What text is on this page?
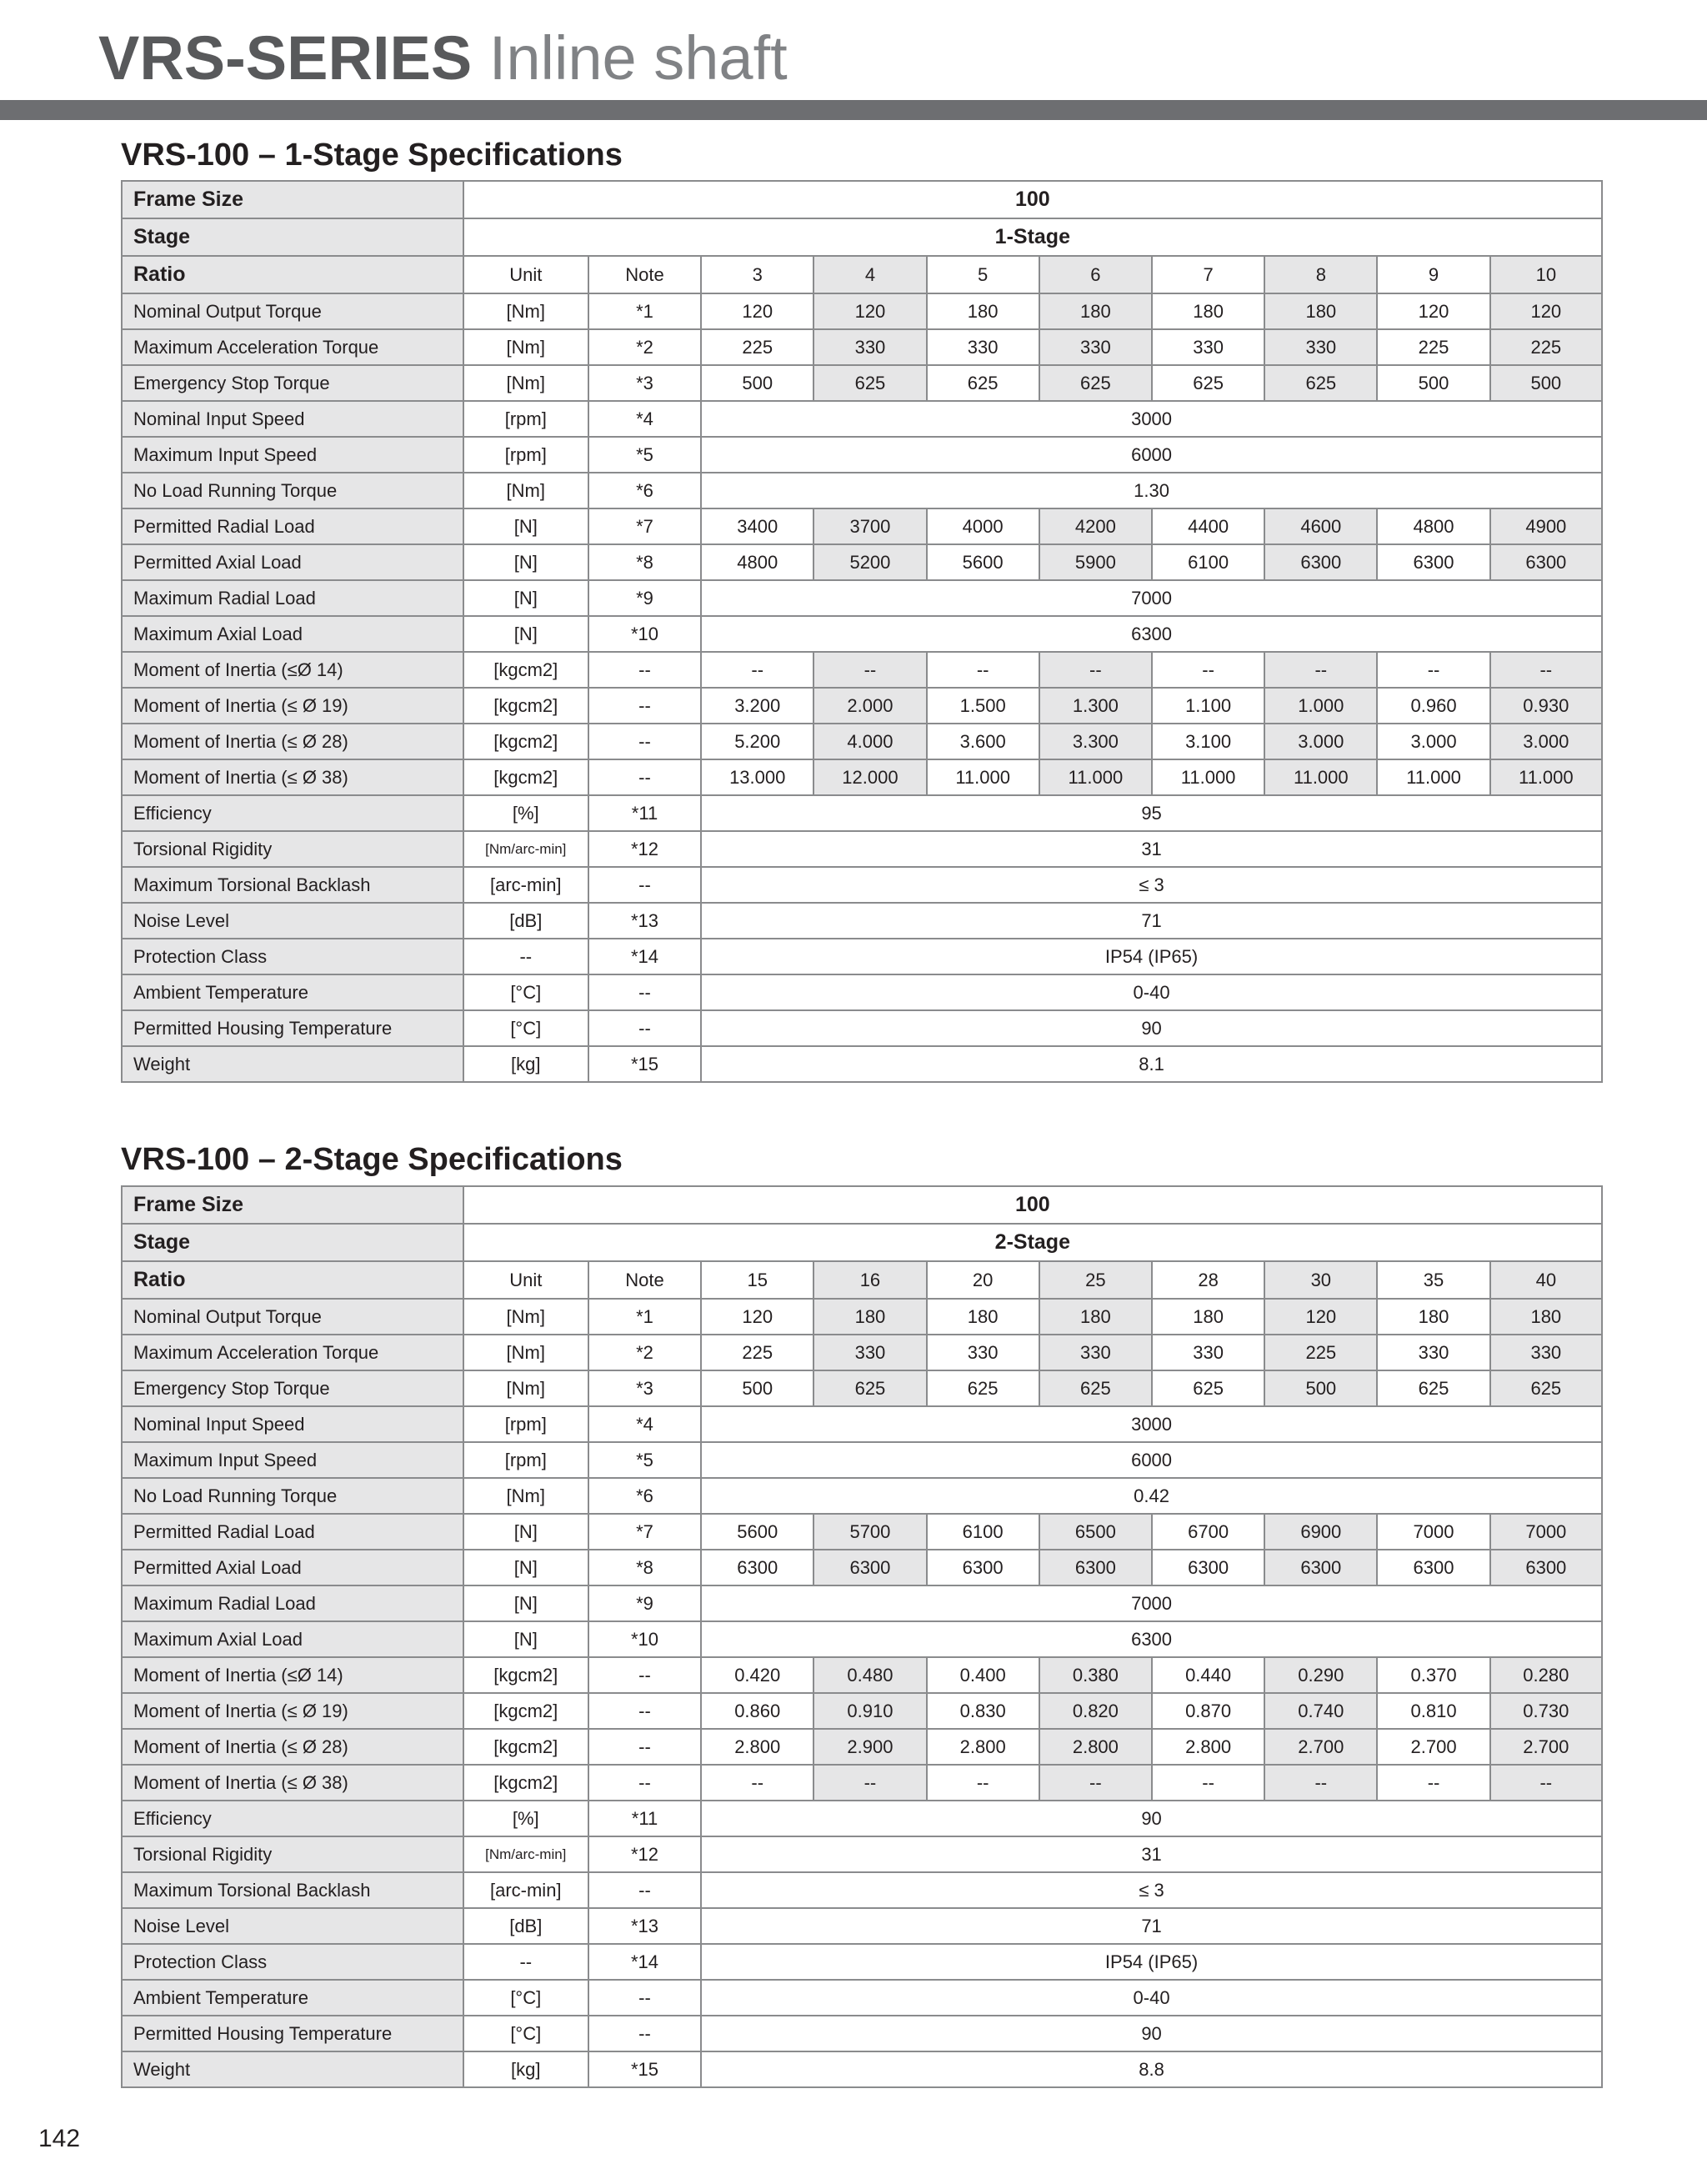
VRS-SERIES Inline shaft
VRS-100 – 1-Stage Specifications
Frame Size	100									
Stage	1-Stage									
Ratio	Unit	Note	3	4	5	6	7	8	9	10
Nominal Output Torque	[Nm]	*1	120	120	180	180	180	180	120	120
Maximum Acceleration Torque	[Nm]	*2	225	330	330	330	330	330	225	225
Emergency Stop Torque	[Nm]	*3	500	625	625	625	625	625	500	500
Nominal Input Speed	[rpm]	*4	3000							
Maximum Input Speed	[rpm]	*5	6000							
No Load Running Torque	[Nm]	*6	1.30							
Permitted Radial Load	[N]	*7	3400	3700	4000	4200	4400	4600	4800	4900
Permitted Axial Load	[N]	*8	4800	5200	5600	5900	6100	6300	6300	6300
Maximum Radial Load	[N]	*9	7000							
Maximum Axial Load	[N]	*10	6300							
Moment of Inertia (≤Ø 14)	[kgcm2]	--	--	--	--	--	--	--	--	--
Moment of Inertia (≤ Ø 19)	[kgcm2]	--	3.200	2.000	1.500	1.300	1.100	1.000	0.960	0.930
Moment of Inertia (≤ Ø 28)	[kgcm2]	--	5.200	4.000	3.600	3.300	3.100	3.000	3.000	3.000
Moment of Inertia (≤ Ø 38)	[kgcm2]	--	13.000	12.000	11.000	11.000	11.000	11.000	11.000	11.000
Efficiency	[%]	*11	95							
Torsional Rigidity	[Nm/arc-min]	*12	31							
Maximum Torsional Backlash	[arc-min]	--	≤ 3							
Noise Level	[dB]	*13	71							
Protection Class	--	*14	IP54 (IP65)							
Ambient Temperature	[°C]	--	0-40							
Permitted Housing Temperature	[°C]	--	90							
Weight	[kg]	*15	8.1							
VRS-100 – 2-Stage Specifications
Frame Size	100									
Stage	2-Stage									
Ratio	Unit	Note	15	16	20	25	28	30	35	40
Nominal Output Torque	[Nm]	*1	120	180	180	180	180	120	180	180
Maximum Acceleration Torque	[Nm]	*2	225	330	330	330	330	225	330	330
Emergency Stop Torque	[Nm]	*3	500	625	625	625	625	500	625	625
Nominal Input Speed	[rpm]	*4	3000							
Maximum Input Speed	[rpm]	*5	6000							
No Load Running Torque	[Nm]	*6	0.42							
Permitted Radial Load	[N]	*7	5600	5700	6100	6500	6700	6900	7000	7000
Permitted Axial Load	[N]	*8	6300	6300	6300	6300	6300	6300	6300	6300
Maximum Radial Load	[N]	*9	7000							
Maximum Axial Load	[N]	*10	6300							
Moment of Inertia (≤Ø 14)	[kgcm2]	--	0.420	0.480	0.400	0.380	0.440	0.290	0.370	0.280
Moment of Inertia (≤ Ø 19)	[kgcm2]	--	0.860	0.910	0.830	0.820	0.870	0.740	0.810	0.730
Moment of Inertia (≤ Ø 28)	[kgcm2]	--	2.800	2.900	2.800	2.800	2.800	2.700	2.700	2.700
Moment of Inertia (≤ Ø 38)	[kgcm2]	--	--	--	--	--	--	--	--	--
Efficiency	[%]	*11	90							
Torsional Rigidity	[Nm/arc-min]	*12	31							
Maximum Torsional Backlash	[arc-min]	--	≤ 3							
Noise Level	[dB]	*13	71							
Protection Class	--	*14	IP54 (IP65)							
Ambient Temperature	[°C]	--	0-40							
Permitted Housing Temperature	[°C]	--	90							
Weight	[kg]	*15	8.8							
142
